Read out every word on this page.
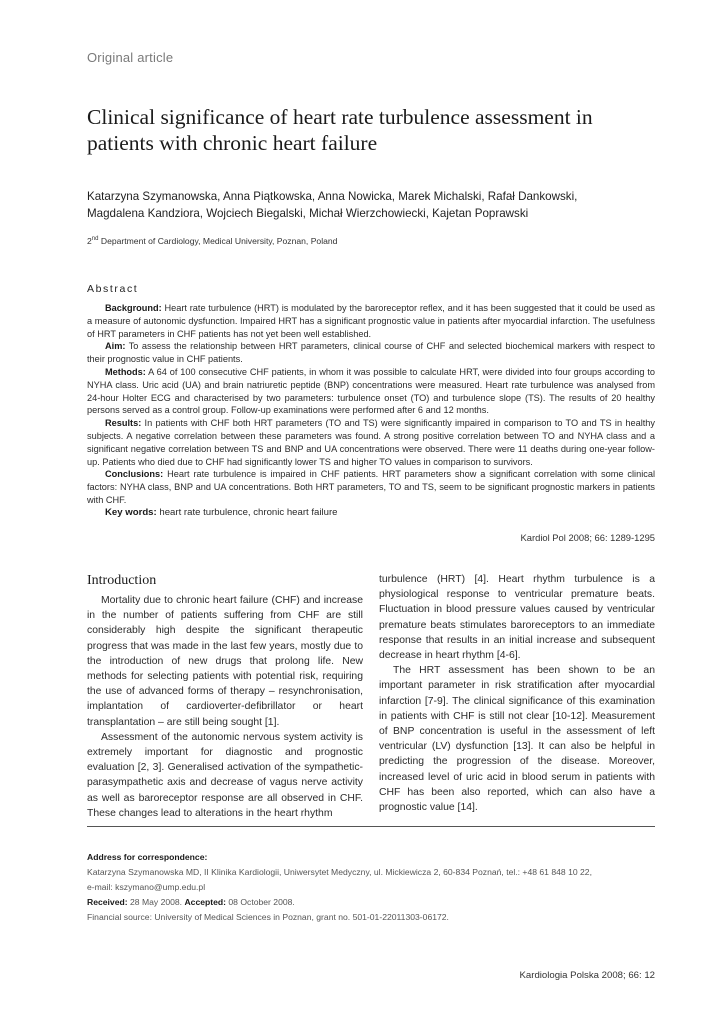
Original article
Clinical significance of heart rate turbulence assessment in patients with chronic heart failure
Katarzyna Szymanowska, Anna Piątkowska, Anna Nowicka, Marek Michalski, Rafał Dankowski,
Magdalena Kandziora, Wojciech Biegalski, Michał Wierzchowiecki, Kajetan Poprawski
2nd Department of Cardiology, Medical University, Poznan, Poland
Abstract

Background: Heart rate turbulence (HRT) is modulated by the baroreceptor reflex, and it has been suggested that it could be used as a measure of autonomic dysfunction. Impaired HRT has a significant prognostic value in patients after myocardial infarction. The usefulness of HRT parameters in CHF patients has not yet been well established.

Aim: To assess the relationship between HRT parameters, clinical course of CHF and selected biochemical markers with respect to their prognostic value in CHF patients.

Methods: A 64 of 100 consecutive CHF patients, in whom it was possible to calculate HRT, were divided into four groups according to NYHA class. Uric acid (UA) and brain natriuretic peptide (BNP) concentrations were measured. Heart rate turbulence was analysed from 24-hour Holter ECG and characterised by two parameters: turbulence onset (TO) and turbulence slope (TS). The results of 20 healthy persons served as a control group. Follow-up examinations were performed after 6 and 12 months.

Results: In patients with CHF both HRT parameters (TO and TS) were significantly impaired in comparison to TO and TS in healthy subjects. A negative correlation between these parameters was found. A strong positive correlation between TO and NYHA class and a significant negative correlation between TS and BNP and UA concentrations were observed. There were 11 deaths during one-year follow-up. Patients who died due to CHF had significantly lower TS and higher TO values in comparison to survivors.

Conclusions: Heart rate turbulence is impaired in CHF patients. HRT parameters show a significant correlation with some clinical factors: NYHA class, BNP and UA concentrations. Both HRT parameters, TO and TS, seem to be significant prognostic markers in patients with CHF.

Key words: heart rate turbulence, chronic heart failure
Kardiol Pol 2008; 66: 1289-1295
Introduction

Mortality due to chronic heart failure (CHF) and increase in the number of patients suffering from CHF are still considerably high despite the significant therapeutic progress that was made in the last few years, mostly due to the introduction of new drugs that prolong life. New methods for selecting patients with potential risk, requiring the use of advanced forms of therapy – resynchronisation, implantation of cardioverter-defibrillator or heart transplantation – are still being sought [1].

Assessment of the autonomic nervous system activity is extremely important for diagnostic and prognostic evaluation [2, 3]. Generalised activation of the sympathetic-parasympathetic axis and decrease of vagus nerve activity as well as baroreceptor response are all observed in CHF. These changes lead to alterations in the heart rhythm

turbulence (HRT) [4]. Heart rhythm turbulence is a physiological response to ventricular premature beats. Fluctuation in blood pressure values caused by ventricular premature beats stimulates baroreceptors to an immediate response that results in an initial increase and subsequent decrease in heart rhythm [4-6].

The HRT assessment has been shown to be an important parameter in risk stratification after myocardial infarction [7-9]. The clinical significance of this examination in patients with CHF is still not clear [10-12]. Measurement of BNP concentration is useful in the assessment of left ventricular (LV) dysfunction [13]. It can also be helpful in predicting the progression of the disease. Moreover, increased level of uric acid in blood serum in patients with CHF has been also reported, which can also have a prognostic value [14].

Address for correspondence:
Katarzyna Szymanowska MD, II Klinika Kardiologii, Uniwersytet Medyczny, ul. Mickiewicza 2, 60-834 Poznań, tel.: +48 61 848 10 22,
e-mail: kszymano@ump.edu.pl
Received: 28 May 2008. Accepted: 08 October 2008.
Financial source: University of Medical Sciences in Poznan, grant no. 501-01-22011303-06172.
Kardiologia Polska 2008; 66: 12
